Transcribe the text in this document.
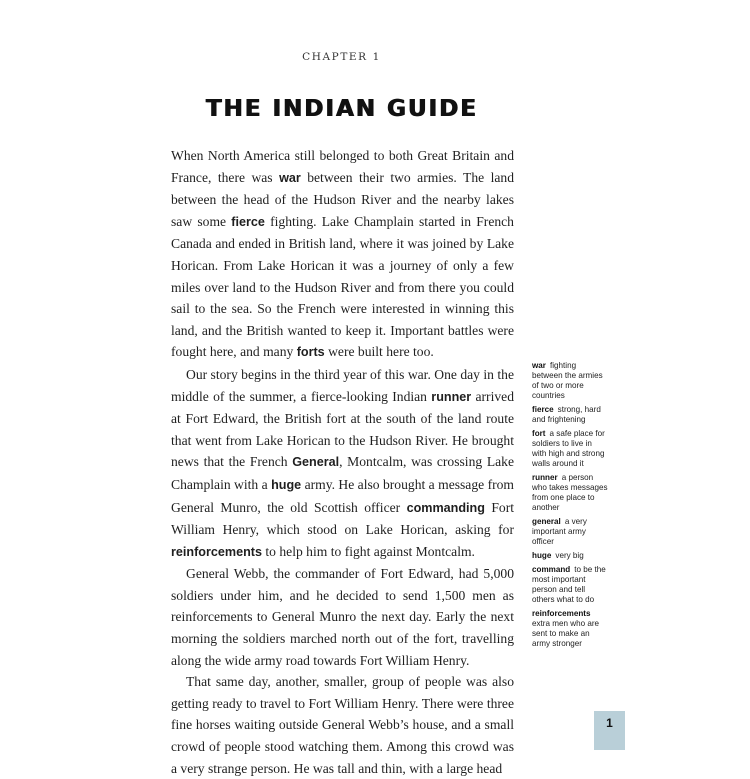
CHAPTER 1
THE INDIAN GUIDE

When North America still belonged to both Great Britain and France, there was war between their two armies. The land between the head of the Hudson River and the nearby lakes saw some fierce fighting. Lake Champlain started in French Canada and ended in British land, where it was joined by Lake Horican. From Lake Horican it was a journey of only a few miles over land to the Hudson River and from there you could sail to the sea. So the French were interested in winning this land, and the British wanted to keep it. Important battles were fought here, and many forts were built here too.

Our story begins in the third year of this war. One day in the middle of the summer, a fierce-looking Indian runner arrived at Fort Edward, the British fort at the south of the land route that went from Lake Horican to the Hudson River. He brought news that the French General, Montcalm, was crossing Lake Champlain with a huge army. He also brought a message from General Munro, the old Scottish officer commanding Fort William Henry, which stood on Lake Horican, asking for reinforcements to help him to fight against Montcalm.

General Webb, the commander of Fort Edward, had 5,000 soldiers under him, and he decided to send 1,500 men as reinforcements to General Munro the next day. Early the next morning the soldiers marched north out of the fort, travelling along the wide army road towards Fort William Henry.

That same day, another, smaller, group of people was also getting ready to travel to Fort William Henry. There were three fine horses waiting outside General Webb’s house, and a small crowd of people stood watching them. Among this crowd was a very strange person. He was tall and thin, with a large head

war  fighting between the armies of two or more countries
fierce  strong, hard and frightening
fort  a safe place for soldiers to live in with high and strong walls around it
runner  a person who takes messages from one place to another
general  a very important army officer
huge  very big
command  to be the most important person and tell others what to do
reinforcements extra men who are sent to make an army stronger
1
